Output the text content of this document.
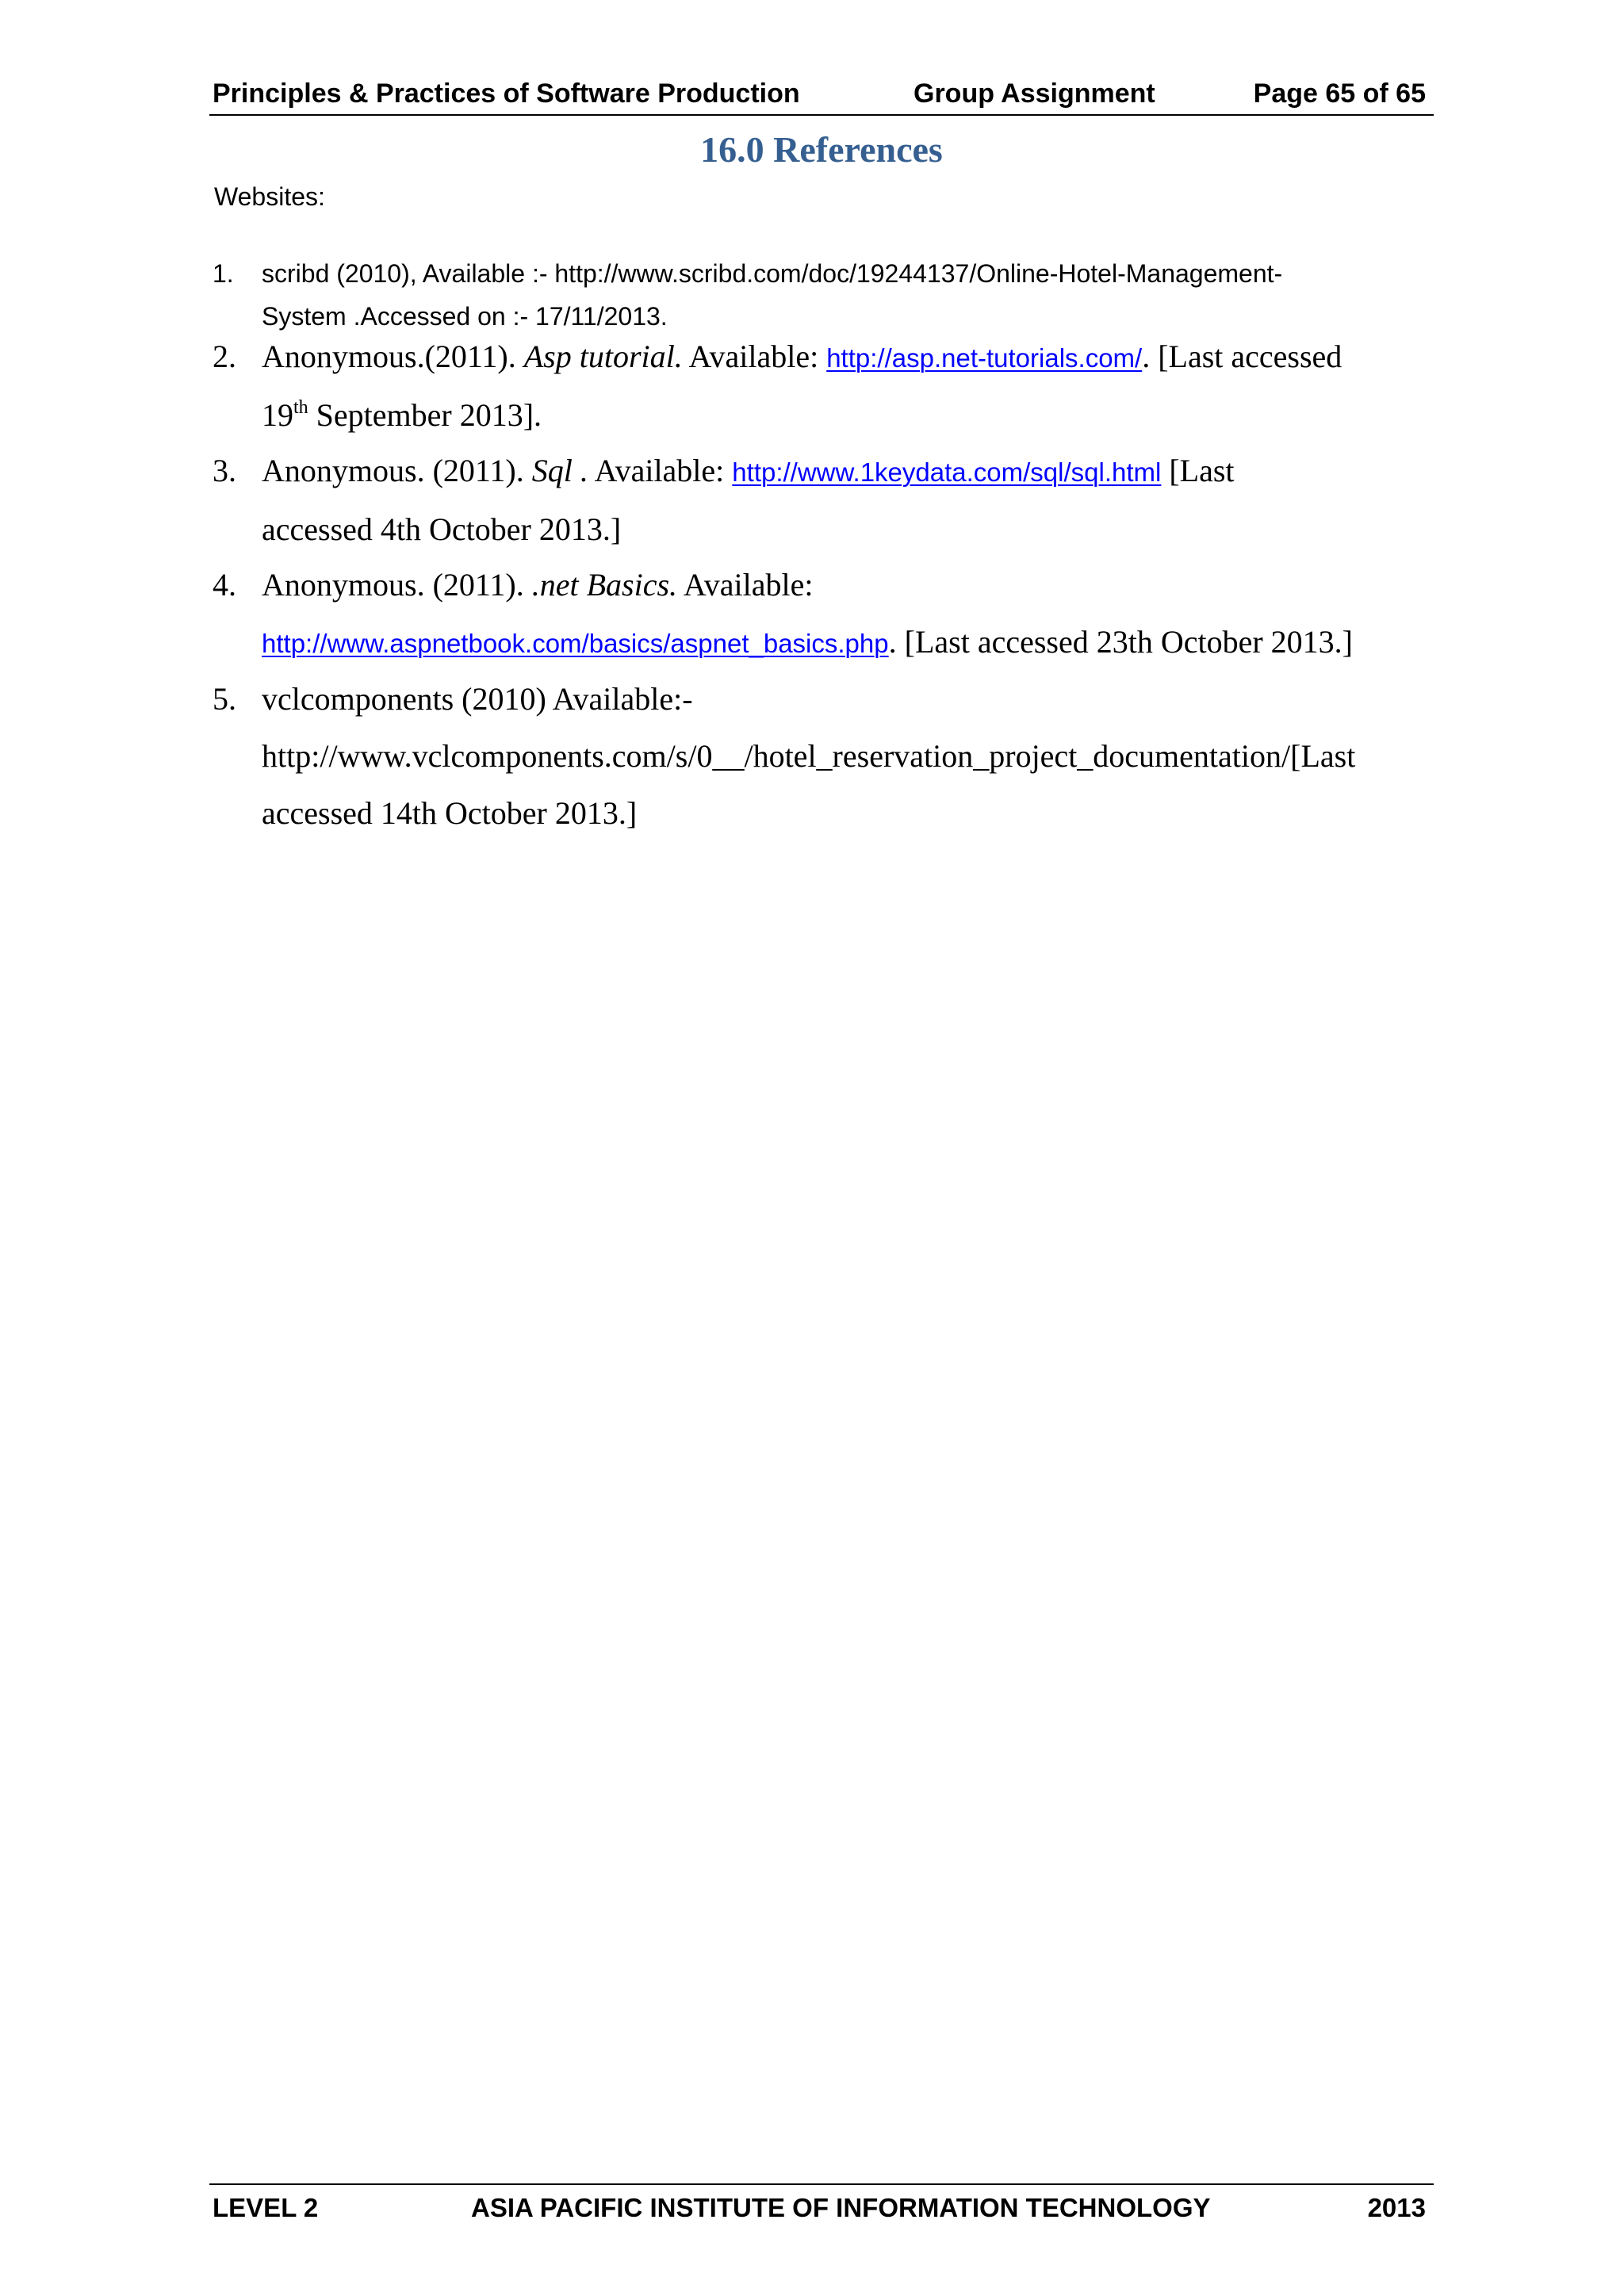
Principles & Practices of Software Production	Group Assignment	Page 65 of 65
16.0 References
Websites:
1. scribd (2010), Available :- http://www.scribd.com/doc/19244137/Online-Hotel-Management-
System .Accessed on :- 17/11/2013.
2. Anonymous.(2011). Asp tutorial. Available: http://asp.net-tutorials.com/. [Last accessed
19th September 2013].
3. Anonymous. (2011). Sql . Available: http://www.1keydata.com/sql/sql.html [Last
accessed 4th October 2013.]
4. Anonymous. (2011). .net Basics. Available:
http://www.aspnetbook.com/basics/aspnet_basics.php. [Last accessed 23th October 2013.]
5. vclcomponents (2010) Available:-
http://www.vclcomponents.com/s/0__/hotel_reservation_project_documentation/[Last
accessed 14th October 2013.]
LEVEL 2	ASIA PACIFIC INSTITUTE OF INFORMATION TECHNOLOGY	2013
